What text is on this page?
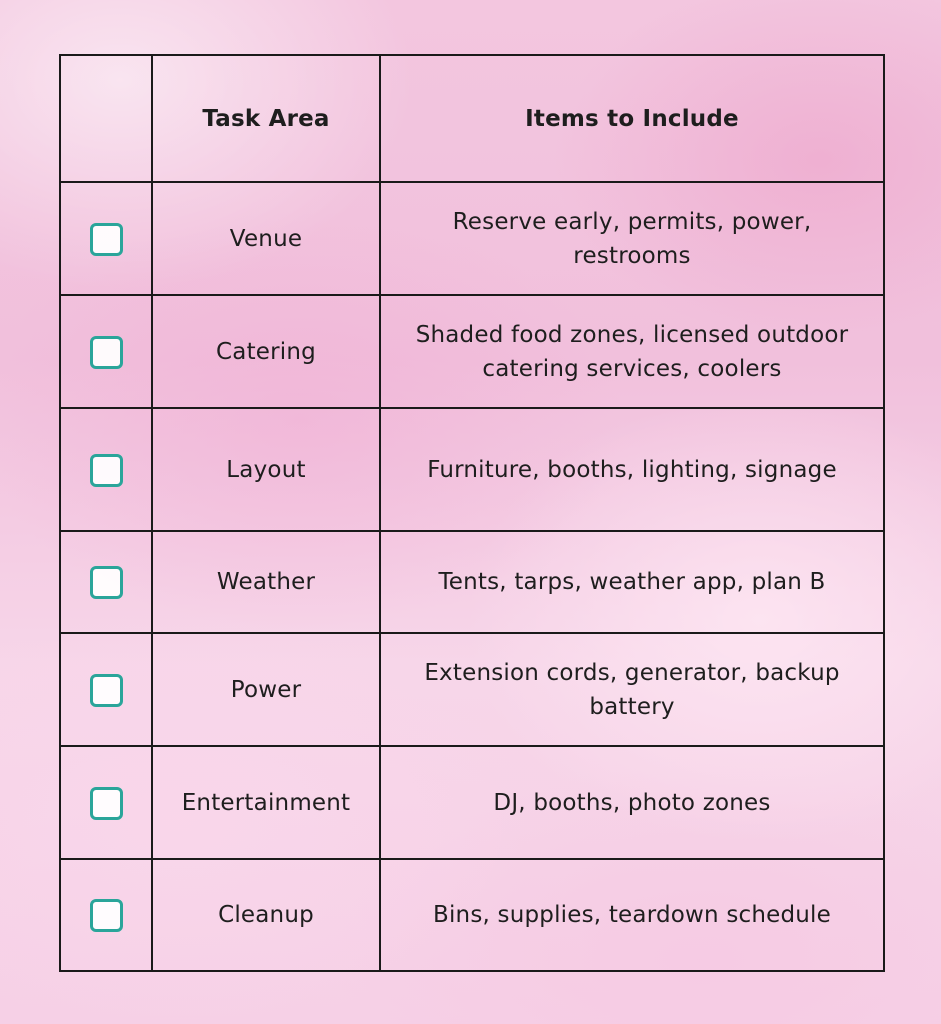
	Task Area	Items to Include
	Venue	Reserve early, permits, power, restrooms
	Catering	Shaded food zones, licensed outdoor catering services, coolers
	Layout	Furniture, booths, lighting, signage
	Weather	Tents, tarps, weather app, plan B
	Power	Extension cords, generator, backup battery
	Entertainment	DJ, booths, photo zones
	Cleanup	Bins, supplies, teardown schedule
